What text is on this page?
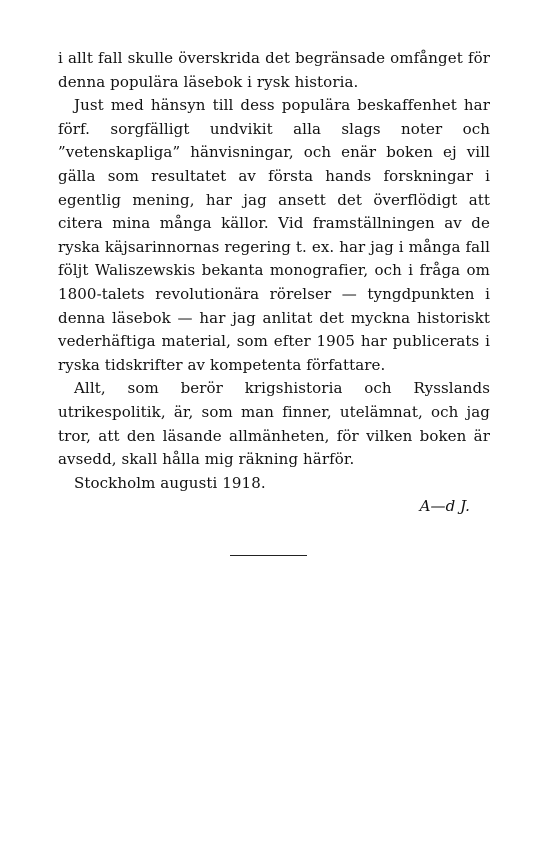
i allt fall skulle överskrida det begränsade omfånget för denna populära läsebok i rysk historia.

Just med hänsyn till dess populära beskaffenhet har förf. sorgfälligt undvikit alla slags noter och ”vetenskapliga” hänvisningar, och enär boken ej vill gälla som resultatet av första hands forskningar i egentlig mening, har jag ansett det överflödigt att citera mina många källor. Vid framställningen av de ryska käjsarinnornas regering t. ex. har jag i många fall följt Waliszewskis bekanta monografier, och i fråga om 1800-talets revolutionära rörelser — tyngdpunkten i denna läsebok — har jag anlitat det myckna historiskt vederhäftiga material, som efter 1905 har publicerats i ryska tidskrifter av kompetenta författare.

Allt, som berör krigshistoria och Rysslands utrikespolitik, är, som man finner, utelämnat, och jag tror, att den läsande allmänheten, för vilken boken är avsedd, skall hålla mig räkning härför.

Stockholm augusti 1918.

A—d J.
